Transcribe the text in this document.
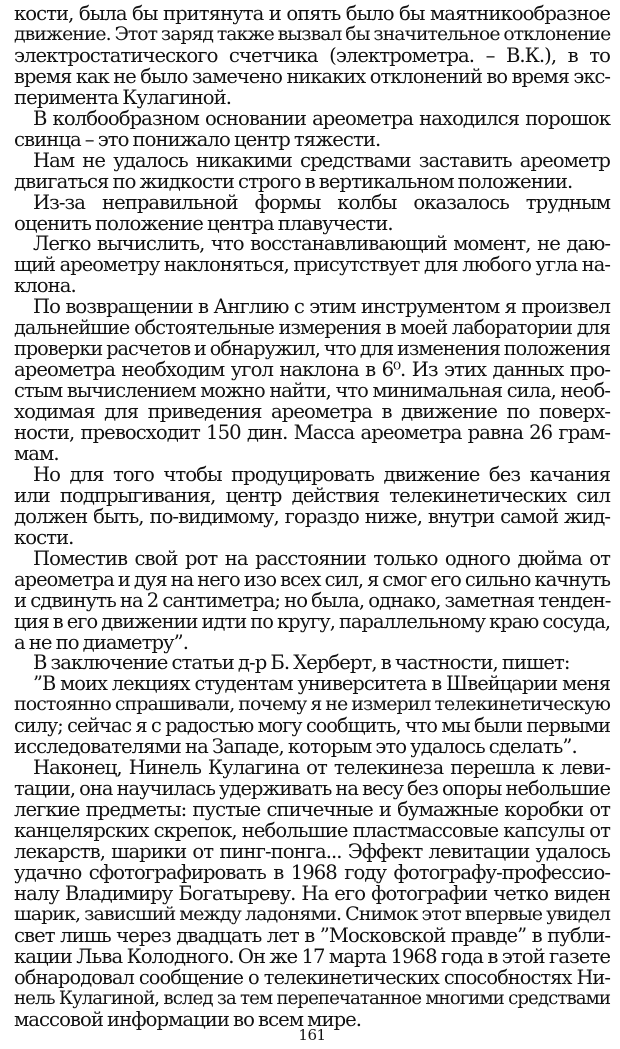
кости, была бы притянута и опять было бы маятникообразное
движение. Этот заряд также вызвал бы значительное отклонение
электростатического счетчика (электрометра. – В.К.), в то
время как не было замечено никаких отклонений во время экс-
перимента Кулагиной.
В колбообразном основании ареометра находился порошок
свинца – это понижало центр тяжести.
Нам не удалось никакими средствами заставить ареометр
двигаться по жидкости строго в вертикальном положении.
Из-за неправильной формы колбы оказалось трудным
оценить положение центра плавучести.
Легко вычислить, что восстанавливающий момент, не даю-
щий ареометру наклоняться, присутствует для любого угла на-
клона.
По возвращении в Англию с этим инструментом я произвел
дальнейшие обстоятельные измерения в моей лаборатории для
проверки расчетов и обнаружил, что для изменения положения
ареометра необходим угол наклона в 6⁰. Из этих данных про-
стым вычислением можно найти, что минимальная сила, необ-
ходимая для приведения ареометра в движение по поверх-
ности, превосходит 150 дин. Масса ареометра равна 26 грам-
мам.
Но для того чтобы продуцировать движение без качания
или подпрыгивания, центр действия телекинетических сил
должен быть, по-видимому, гораздо ниже, внутри самой жид-
кости.
Поместив свой рот на расстоянии только одного дюйма от
ареометра и дуя на него изо всех сил, я смог его сильно качнуть
и сдвинуть на 2 сантиметра; но была, однако, заметная тенден-
ция в его движении идти по кругу, параллельному краю сосуда,
а не по диаметру”.
В заключение статьи д-р Б. Херберт, в частности, пишет:
”В моих лекциях студентам университета в Швейцарии меня
постоянно спрашивали, почему я не измерил телекинетическую
силу; сейчас я с радостью могу сообщить, что мы были первыми
исследователями на Западе, которым это удалось сделать”.
Наконец, Нинель Кулагина от телекинеза перешла к леви-
тации, она научилась удерживать на весу без опоры небольшие
легкие предметы: пустые спичечные и бумажные коробки от
канцелярских скрепок, небольшие пластмассовые капсулы от
лекарств, шарики от пинг-понга... Эффект левитации удалось
удачно сфотографировать в 1968 году фотографу-профессио-
налу Владимиру Богатыреву. На его фотографии четко виден
шарик, зависший между ладонями. Снимок этот впервые увидел
свет лишь через двадцать лет в ”Московской правде” в публи-
кации Льва Колодного. Он же 17 марта 1968 года в этой газете
обнародовал сообщение о телекинетических способностях Ни-
нель Кулагиной, вслед за тем перепечатанное многими средствами
массовой информации во всем мире.
161
